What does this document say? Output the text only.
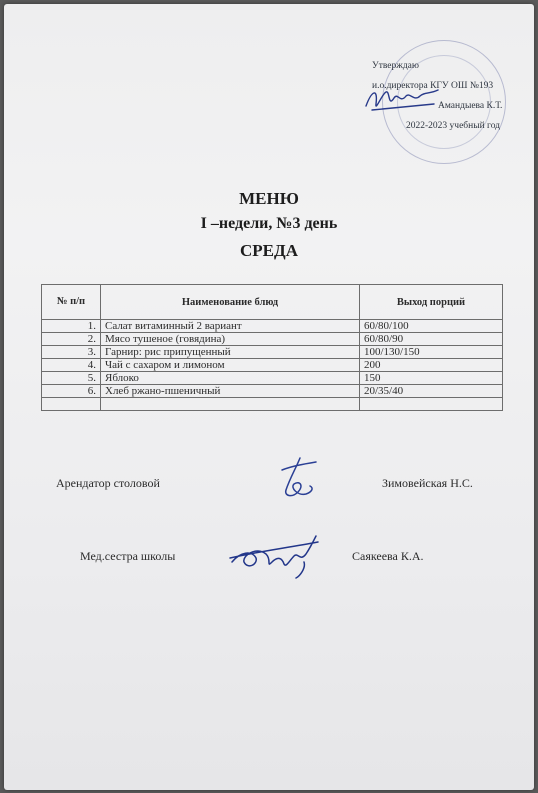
Утверждаю
и.о.директора КГУ ОШ №193
Амандыева К.Т.
2022-2023 учебный год
МЕНЮ
I –недели, №3 день
СРЕДА
№ п/п	Наименование блюд	Выход порций
1.	Салат витаминный 2 вариант	60/80/100
2.	Мясо тушеное (говядина)	60/80/90
3.	Гарнир: рис припущенный	100/130/150
4.	Чай с сахаром и лимоном	200
5.	Яблоко	150
6.	Хлеб ржано-пшеничный	20/35/40

Арендатор столовой	Зимовейская Н.С.
Мед.сестра школы	Саякеева К.А.
